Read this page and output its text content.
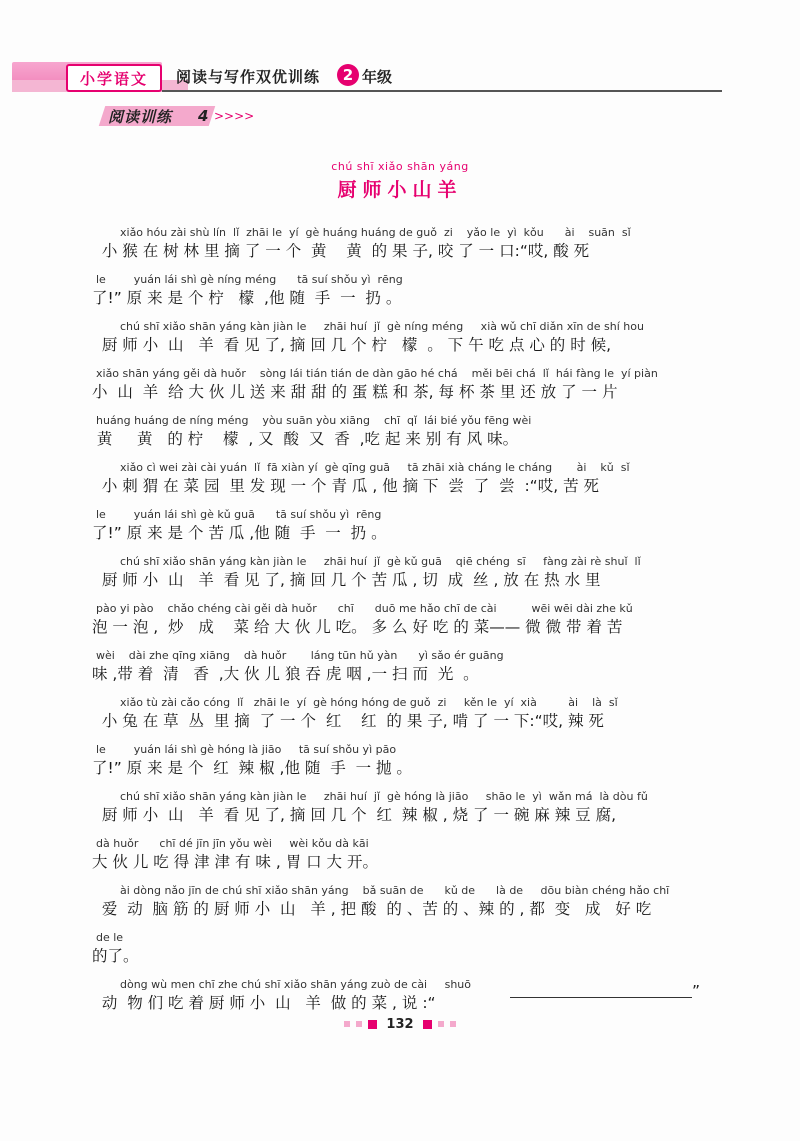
小学语文	阅读与写作双优训练	2 年级
阅读训练 4 >>>>
chú shī xiǎo shān yáng
厨师小山羊
xiǎo hóu zài shù lín  lǐ  zhāi le  yí  gè huáng huáng de guǒ  zi    yǎo le  yì  kǒu      ài    suān  sǐ
小 猴 在 树 林 里 摘 了 一 个  黄    黄  的 果 子, 咬 了 一 口:“哎, 酸 死
le        yuán lái shì gè níng méng      tā suí shǒu yì  rēng
了!” 原 来 是 个 柠   檬  ,他 随  手  一  扔 。
chú shī xiǎo shān yáng kàn jiàn le     zhāi huí  jǐ  gè níng méng     xià wǔ chī diǎn xīn de shí hou
厨 师 小  山   羊  看 见 了, 摘 回 几 个 柠   檬  。 下 午 吃 点 心 的 时 候,
xiǎo shān yáng gěi dà huǒr    sòng lái tián tián de dàn gāo hé chá    měi bēi chá  lǐ  hái fàng le  yí piàn
小  山  羊  给 大 伙 儿 送 来 甜 甜 的 蛋 糕 和 茶, 每 杯 茶 里 还 放 了 一 片
huáng huáng de níng méng    yòu suān yòu xiāng    chī  qǐ  lái bié yǒu fēng wèi
黄     黄   的 柠    檬  , 又  酸  又  香  ,吃 起 来 别 有 风 味。
xiǎo cì wei zài cài yuán  lǐ  fā xiàn yí  gè qīng guā     tā zhāi xià cháng le cháng       ài    kǔ  sǐ
小 刺 猬 在 菜 园  里 发 现 一 个 青 瓜 , 他 摘 下  尝  了  尝  :“哎, 苦 死
le        yuán lái shì gè kǔ guā      tā suí shǒu yì  rēng
了!” 原 来 是 个 苦 瓜 ,他 随  手  一  扔 。
chú shī xiǎo shān yáng kàn jiàn le     zhāi huí  jǐ  gè kǔ guā    qiē chéng  sī     fàng zài rè shuǐ  lǐ
厨 师 小  山   羊  看 见 了, 摘 回 几 个 苦 瓜 , 切  成  丝 , 放 在 热 水 里
pào yi pào    chǎo chéng cài gěi dà huǒr      chī      duō me hǎo chī de cài          wēi wēi dài zhe kǔ
泡 一 泡 ,  炒   成    菜 给 大 伙 儿 吃。 多 么 好 吃 的 菜—— 微 微 带 着 苦
wèi    dài zhe qīng xiāng    dà huǒr       láng tūn hǔ yàn      yì sǎo ér guāng
味 ,带 着  清   香  ,大 伙 儿 狼 吞 虎 咽 ,一 扫 而  光  。
xiǎo tù zài cǎo cóng  lǐ   zhāi le  yí  gè hóng hóng de guǒ  zi     kěn le  yí  xià         ài    là  sǐ
小 兔 在 草  丛  里 摘  了 一 个  红    红  的 果 子, 啃 了 一 下:“哎, 辣 死
le        yuán lái shì gè hóng là jiāo     tā suí shǒu yì pāo
了!” 原 来 是 个  红  辣 椒 ,他 随  手  一 抛 。
chú shī xiǎo shān yáng kàn jiàn le     zhāi huí  jǐ  gè hóng là jiāo     shāo le  yì  wǎn má  là dòu fǔ
厨 师 小  山   羊  看 见 了, 摘 回 几 个  红  辣 椒 , 烧 了 一 碗 麻 辣 豆 腐,
dà huǒr      chī dé jīn jīn yǒu wèi     wèi kǒu dà kāi
大 伙 儿 吃 得 津 津 有 味 , 胃 口 大 开。
ài dòng nǎo jīn de chú shī xiǎo shān yáng    bǎ suān de      kǔ de      là de     dōu biàn chéng hǎo chī
爱  动  脑 筋 的 厨 师 小  山   羊 , 把 酸  的 、苦 的 、辣 的 , 都  变   成   好 吃
de le
的了。
dòng wù men chī zhe chú shī xiǎo shān yáng zuò de cài     shuō
动  物 们 吃 着 厨 师 小  山   羊  做 的 菜 , 说 :“
”
132
